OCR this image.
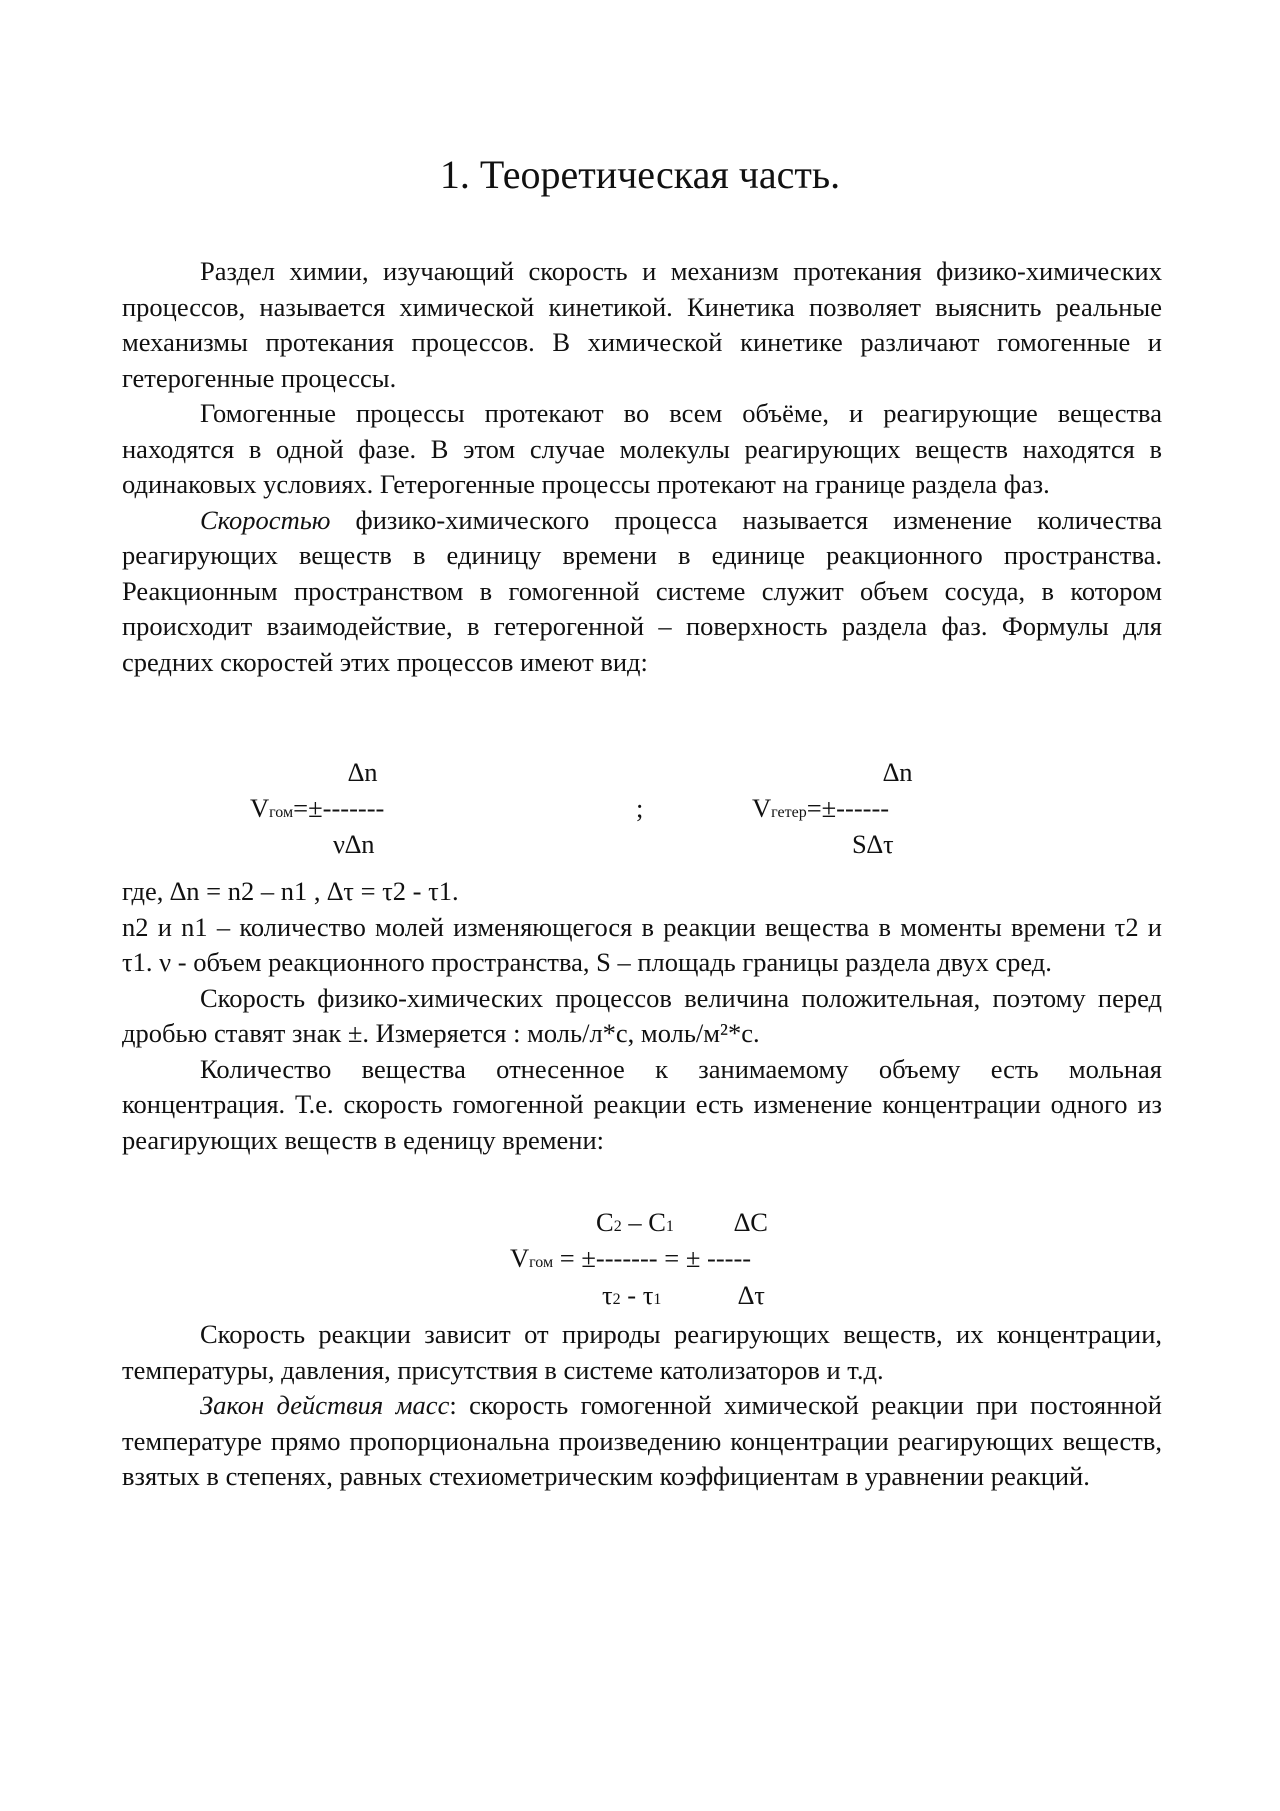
1. Теоретическая часть.

Раздел химии, изучающий скорость и механизм протекания физико-химических процессов, называется химической кинетикой. Кинетика позволяет выяснить реальные механизмы протекания процессов. В химической кинетике различают гомогенные и гетерогенные процессы.

Гомогенные процессы протекают во всем объёме, и реагирующие вещества находятся в одной фазе. В этом случае молекулы реагирующих веществ находятся в одинаковых условиях. Гетерогенные процессы протекают на границе раздела фаз.

Скоростью физико-химического процесса называется изменение количества реагирующих веществ в единицу времени в единице реакционного пространства. Реакционным пространством в гомогенной системе служит объем сосуда, в котором происходит взаимодействие, в гетерогенной – поверхность раздела фаз. Формулы для средних скоростей этих процессов имеют вид:

∆n
Vгом=±-------
ν∆n
;
∆n
Vгетер=±------
S∆τ

где, ∆n = n2 – n1 , ∆τ = τ2 - τ1.

n2 и n1 – количество молей изменяющегося в реакции вещества в моменты времени τ2 и τ1. ν - объем реакционного пространства, S – площадь границы раздела двух сред.

Скорость физико-химических процессов величина положительная, поэтому перед дробью ставят знак ±. Измеряется : моль/л*с, моль/м²*с.

Количество вещества отнесенное к занимаемому объему есть мольная концентрация. Т.е. скорость гомогенной реакции есть изменение концентрации одного из реагирующих веществ в еденицу времени:

C2 – C1 ∆C
Vгом = ±------- = ± -----
τ2 - τ1	∆τ

Скорость реакции зависит от природы реагирующих веществ, их концентрации, температуры, давления, присутствия в системе католизаторов и т.д.

Закон действия масс: скорость гомогенной химической реакции при постоянной температуре прямо пропорциональна произведению концентрации реагирующих веществ, взятых в степенях, равных стехиометрическим коэффициентам в уравнении реакций.
